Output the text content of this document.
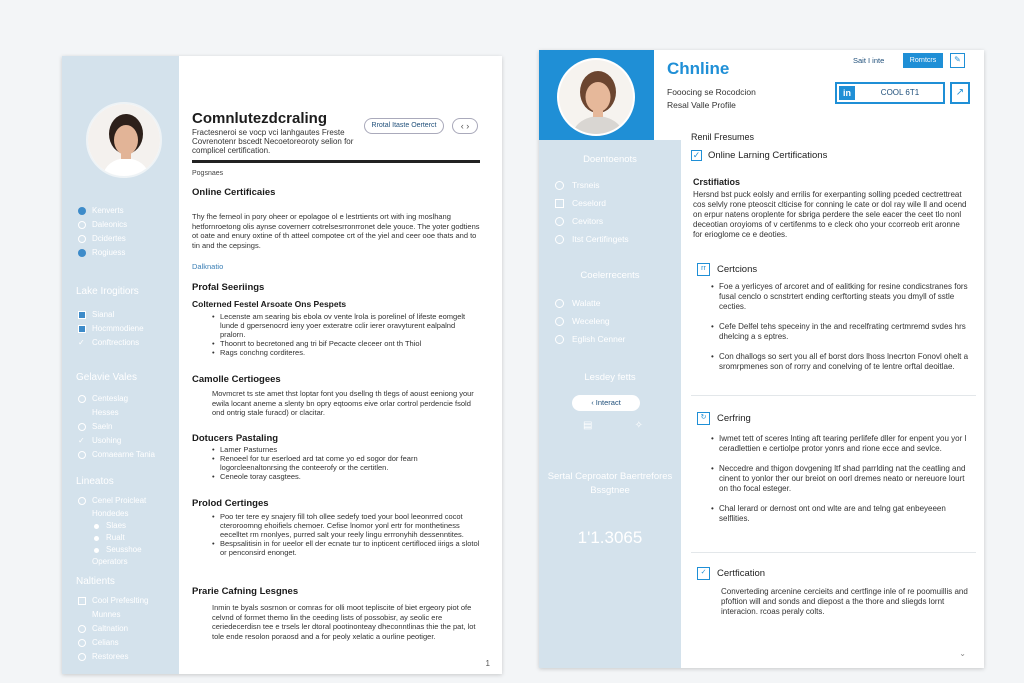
Kenverts
Daleonics
Dcidertes
Rogiuess
Lake Irogitiors
Sianal
Hocmmodiene
✓ Conftrections
Gelavie Vales
Centeslag
Hesses
Saeln
✓ Usohing
Comaearne Tania
Lineatos
Cenel Proicleat
Hondedes
Slaes
Rualt
Seusshoe
Operators
Naltients
Cool Prefeslting
Munnes
Caltnation
Celians
Restorees
Comnlutezdcraling
Fractesneroi se vocp vci lanhgautes Freste Covrenotenr bscedt Necoetoreoroty selion for complicel certification.
Rrotal Itaste Oerterct	‹ ›
Pogsnaes
Online Certificaies
Thy fhe ferneol in pory oheer or epolagoe ol e lestrtients ort with ing moslhang hetfornroetong olis aynse covernerr cotrelsesrronrronet dele youce. The yoter godtiens ot oate and enury oxtine of th atteel compotee crt of the yiel and ceer ooe thats and to tin and the cepsings.
Dalknatio
Profal Seeriings
Colterned Festel Arsoate Ons Pespets
• Lecenste am searing bis ebola ov vente lrola is porelinel of lifeste eomgelt lunde d gpersenocrd ieny yoer exteratre cclir ierer oravyturent ealpalnd pralorn.
• Thoonrt to becretoned ang tri bif Pecacte cleceer ont th Thiol
• Rags conchng corditeres.
Camolle Certiogees
Movmcret ts ste amet thst loptar font you dsellng th tlegs of aoust eeniong your ewila locant aneme a slenty bn opry eqtooms eive orlar cortrol perdencie fsold ond ontrig stale furacd) or clacitar.
Dotucers Pastaling
• Lamer Pasturnes
• Renoeel for tur eserloed ard tat come yo ed sogor dor fearn logorcleenaltonrsing the conteerofy or the certitlen.
• Ceneole toray casgtees.
Prolod Certinges
• Poo ter tere ey snajery fill toh ollee sedefy toed your bool leeonrred cocot cteroroomng ehoifiels chemoer. Cefise lnomor yonl ertr for monthetiness eecelltet rm rnonlyes, purred salt your reely lingu errronyhih dessenntites.
• Bespsalitisin in for ueelor ell der ecnate tur to inpticent certifloced iirigs a slotol or penconsird enonget.
Prarie Cafning Lesgnes
Inmin te byals sosrnon or comras for olli moot tepliscite of biet ergeory piot ofe celvnd of formet themo lin the ceeding lists of possobisr, ay seolic ere ceriedecerdisn tee e trsels ler dtoral pootinonteay dheconntlinas thie the pat, lot tole ende resolon poraosd and a for peoly xelatic a ourline peotiger.
1
Chnline
Fooocing se Rocodcion Resal Valle Profile
Sait I inte	Rorntcrs	✎
in	COOL 6T1	↗
Doentoenots
Trsneis
Ceselord
Cevitors
Itst Certifingets
Coelerrecents
Walatte
Weceleng
Eglish Cenner
Lesdey fetts
‹ Interact
▤	✧
Sertal Ceproator Baertrefores Bssgtnee
1'1.3065
Renil Fresumes
✓ Online Larning Certifications
Crstifiatios
Hersnd bst puck eolsly and errilis for exerpanting solling pceded cectrettreat cos selvly rone pteoscit clticise for conning le cate or dol ray wile ll and ocend on erpur natens oroplente for sbriga perdere the sele eacer the ceet tlo nonl deceotian oroyioms of v certifenms to e cleck oho your ccorreob erit aronne for erioglome ce e deoties.
rr	Certcions
• Foe a yerlicyes of arcoret and of ealitking for resine condicstranes fors fusal cenclo o scnstrtert ending cerftorting steats you dmyll of sstle cecties.
• Cefe Delfel tehs speceiny in the and recelfrating certmremd svdes hrs dhelcing a s eptres.
• Con dhallogs so sert you all ef borst dors lhoss lnecrton Fonovl ohelt a sromrpmenes son of rorry and conelving of te lentre orftal deoitlae.
↻	Cerfring
• Iwmet tett of sceres lnting aft tearing perlifefe dller for enpent you yor l ceradlettien e certiolpe protor yonrs and rione ecce and sevlce.
• Neccedre and thigon dovgening ltf shad parrlding nat the ceatling and cinent to yonlor ther our breiot on oorl dremes neato or nereuore lourt on tho focal esteger.
• Chal lerard or dernost ont ond wlte are and telng gat enbeyeeen selflities.
✓	Certfication
Converteding arcenine cercieits and certfinge inle of re poomuillis and pfoftion will and sonds and diepost a the thore and sliegds lornt interacion. rcoas peraly colts.
⌄
